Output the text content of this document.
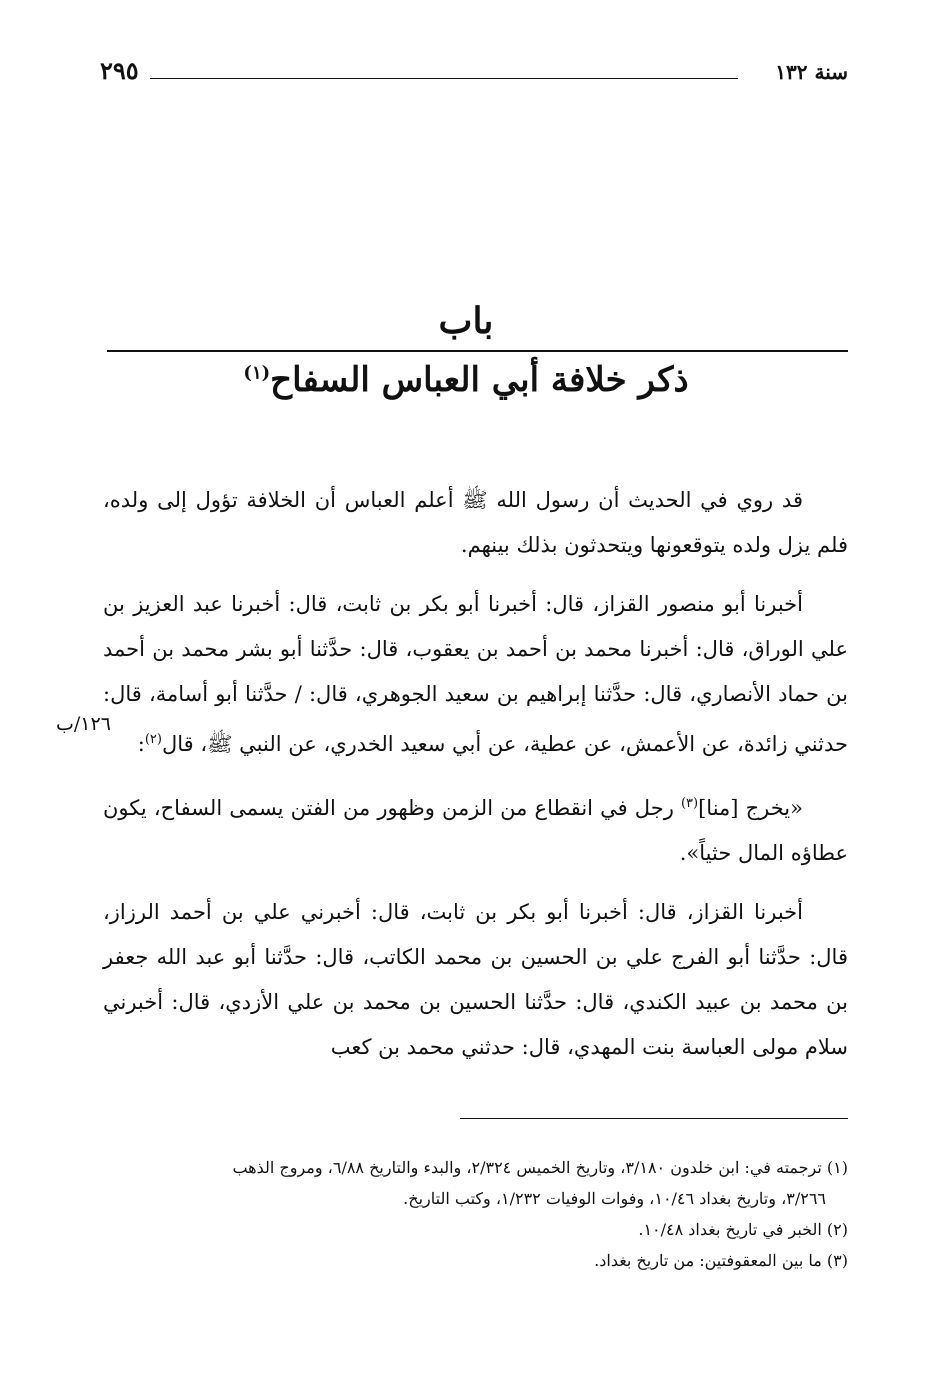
سنة ١٣٢
٢٩٥
باب
ذكر خلافة أبي العباس السفاح$^{(١)}$

قد روي في الحديث أن رسول الله ﷺ أعلم العباس أن الخلافة تؤول إلى ولده، فلم يزل ولده يتوقعونها ويتحدثون بذلك بينهم.

أخبرنا أبو منصور القزاز، قال: أخبرنا أبو بكر بن ثابت، قال: أخبرنا عبد العزيز بن علي الوراق، قال: أخبرنا محمد بن أحمد بن يعقوب، قال: حدَّثنا أبو بشر محمد بن أحمد بن حماد الأنصاري، قال: حدَّثنا إبراهيم بن سعيد الجوهري، قال: / حدَّثنا أبو أسامة، قال: حدثني زائدة، عن الأعمش، عن عطية، عن أبي سعيد الخدري، عن النبي ﷺ، قال$^{(٢)}$:

«يخرج [منا]$^{(٣)}$ رجل في انقطاع من الزمن وظهور من الفتن يسمى السفاح، يكون عطاؤه المال حثياً».

أخبرنا القزاز، قال: أخبرنا أبو بكر بن ثابت، قال: أخبرني علي بن أحمد الرزاز، قال: حدَّثنا أبو الفرج علي بن الحسين بن محمد الكاتب، قال: حدَّثنا أبو عبد الله جعفر بن محمد بن عبيد الكندي، قال: حدَّثنا الحسين بن محمد بن علي الأزدي، قال: أخبرني سلام مولى العباسة بنت المهدي، قال: حدثني محمد بن كعب

١٢٦/ب

(١) ترجمته في: ابن خلدون ٣/١٨٠، وتاريخ الخميس ٢/٣٢٤، والبدء والتاريخ ٦/٨٨، ومروج الذهب

٣/٢٦٦، وتاريخ بغداد ١٠/٤٦، وفوات الوفيات ١/٢٣٢، وكتب التاريخ.

(٢) الخبر في تاريخ بغداد ١٠/٤٨.

(٣) ما بين المعقوفتين: من تاريخ بغداد.
